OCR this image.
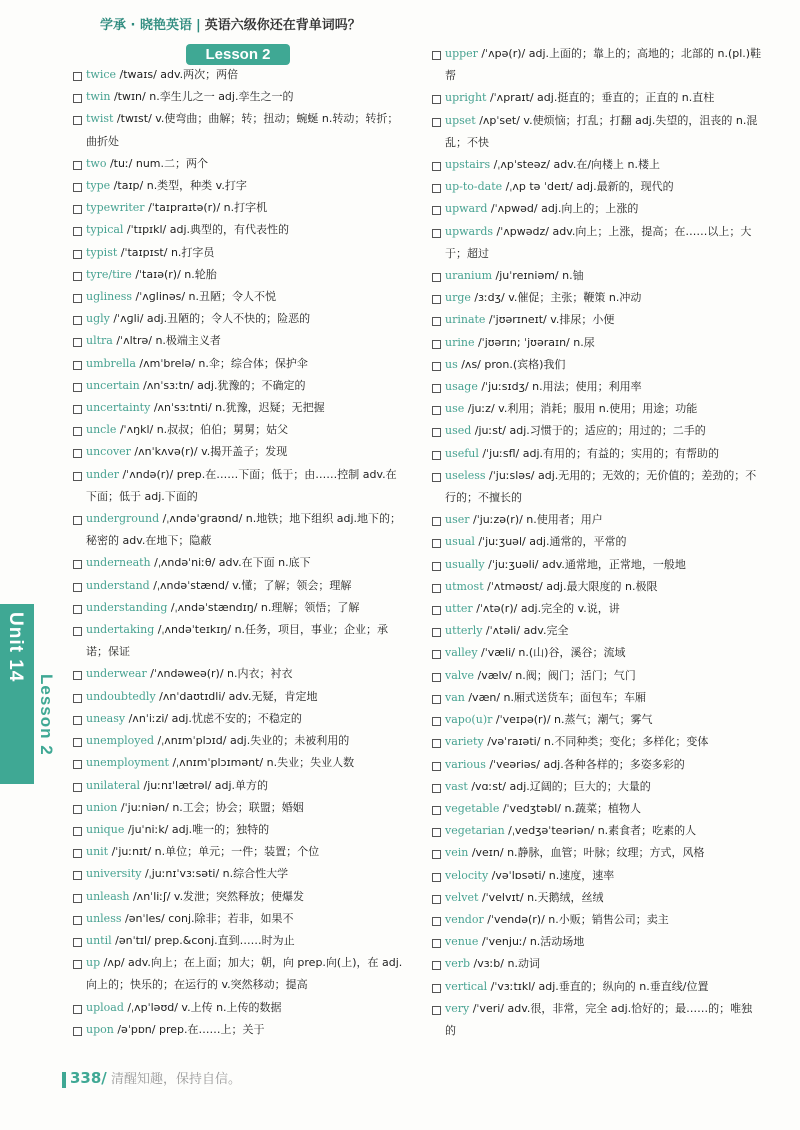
学承 · 晓艳英语 | 英语六级你还在背单词吗？
Lesson 2
twice /twaɪs/ adv.两次；两倍
twin /twɪn/ n.孪生儿之一 adj.孪生之一的
twist /twɪst/ v.使弯曲；曲解；转；扭动；蜿蜒 n.转动；转折；曲折处
two /tuː/ num.二；两个
type /taɪp/ n.类型，种类 v.打字
typewriter /ˈtaɪpraɪtə(r)/ n.打字机
typical /ˈtɪpɪkl/ adj.典型的，有代表性的
typist /ˈtaɪpɪst/ n.打字员
tyre/tire /ˈtaɪə(r)/ n.轮胎
ugliness /ˈʌɡlinəs/ n.丑陋；令人不悦
ugly /ˈʌɡli/ adj.丑陋的；令人不快的；险恶的
ultra /ˈʌltrə/ n.极端主义者
umbrella /ʌmˈbrelə/ n.伞；综合体；保护伞
uncertain /ʌnˈsɜːtn/ adj.犹豫的；不确定的
uncertainty /ʌnˈsɜːtnti/ n.犹豫，迟疑；无把握
uncle /ˈʌŋkl/ n.叔叔；伯伯；舅舅；姑父
uncover /ʌnˈkʌvə(r)/ v.揭开盖子；发现
under /ˈʌndə(r)/ prep.在……下面；低于；由……控制 adv.在下面；低于 adj.下面的
underground /ˌʌndəˈɡraʊnd/ n.地铁；地下组织 adj.地下的；秘密的 adv.在地下；隐蔽
underneath /ˌʌndəˈniːθ/ adv.在下面 n.底下
understand /ˌʌndəˈstænd/ v.懂；了解；领会；理解
understanding /ˌʌndəˈstændɪŋ/ n.理解；领悟；了解
undertaking /ˌʌndəˈteɪkɪŋ/ n.任务，项目，事业；企业；承诺；保证
underwear /ˈʌndəweə(r)/ n.内衣；衬衣
undoubtedly /ʌnˈdaʊtɪdli/ adv.无疑，肯定地
uneasy /ʌnˈiːzi/ adj.忧虑不安的；不稳定的
unemployed /ˌʌnɪmˈplɔɪd/ adj.失业的；未被利用的
unemployment /ˌʌnɪmˈplɔɪmənt/ n.失业；失业人数
unilateral /juːnɪˈlætrəl/ adj.单方的
union /ˈjuːniən/ n.工会；协会；联盟；婚姻
unique /juˈniːk/ adj.唯一的；独特的
unit /ˈjuːnɪt/ n.单位；单元；一件；装置；个位
university /ˌjuːnɪˈvɜːsəti/ n.综合性大学
unleash /ʌnˈliːʃ/ v.发泄；突然释放；使爆发
unless /ənˈles/ conj.除非；若非，如果不
until /ənˈtɪl/ prep.&conj.直到……时为止
up /ʌp/ adv.向上；在上面；加大；朝，向 prep.向(上)，在 adj.向上的；快乐的；在运行的 v.突然移动；提高
upload /ˌʌpˈləʊd/ v.上传 n.上传的数据
upon /əˈpɒn/ prep.在……上；关于
upper /ˈʌpə(r)/ adj.上面的；靠上的；高地的；北部的 n.(pl.)鞋帮
upright /ˈʌpraɪt/ adj.挺直的；垂直的；正直的 n.直柱
upset /ʌpˈset/ v.使烦恼；打乱；打翻 adj.失望的，沮丧的 n.混乱；不快
upstairs /ˌʌpˈsteəz/ adv.在/向楼上 n.楼上
up-to-date /ˌʌp tə ˈdeɪt/ adj.最新的，现代的
upward /ˈʌpwəd/ adj.向上的；上涨的
upwards /ˈʌpwədz/ adv.向上；上涨，提高；在……以上；大于；超过
uranium /juˈreɪniəm/ n.铀
urge /ɜːdʒ/ v.催促；主张；鞭策 n.冲动
urinate /ˈjʊərɪneɪt/ v.排尿；小便
urine /ˈjʊərɪn; ˈjʊəraɪn/ n.尿
us /ʌs/ pron.(宾格)我们
usage /ˈjuːsɪdʒ/ n.用法；使用；利用率
use /juːz/ v.利用；消耗；服用 n.使用；用途；功能
used /juːst/ adj.习惯于的；适应的；用过的；二手的
useful /ˈjuːsfl/ adj.有用的；有益的；实用的；有帮助的
useless /ˈjuːsləs/ adj.无用的；无效的；无价值的；差劲的；不行的；不擅长的
user /ˈjuːzə(r)/ n.使用者；用户
usual /ˈjuːʒuəl/ adj.通常的，平常的
usually /ˈjuːʒuəli/ adv.通常地，正常地，一般地
utmost /ˈʌtməʊst/ adj.最大限度的 n.极限
utter /ˈʌtə(r)/ adj.完全的 v.说，讲
utterly /ˈʌtəli/ adv.完全
valley /ˈvæli/ n.(山)谷，溪谷；流域
valve /vælv/ n.阀；阀门；活门；气门
van /væn/ n.厢式送货车；面包车；车厢
vapo(u)r /ˈveɪpə(r)/ n.蒸气；潮气；雾气
variety /vəˈraɪəti/ n.不同种类；变化；多样化；变体
various /ˈveəriəs/ adj.各种各样的；多姿多彩的
vast /vɑːst/ adj.辽阔的；巨大的；大量的
vegetable /ˈvedʒtəbl/ n.蔬菜；植物人
vegetarian /ˌvedʒəˈteəriən/ n.素食者；吃素的人
vein /veɪn/ n.静脉，血管；叶脉；纹理；方式，风格
velocity /vəˈlɒsəti/ n.速度，速率
velvet /ˈvelvɪt/ n.天鹅绒，丝绒
vendor /ˈvendə(r)/ n.小贩；销售公司；卖主
venue /ˈvenjuː/ n.活动场地
verb /vɜːb/ n.动词
vertical /ˈvɜːtɪkl/ adj.垂直的；纵向的 n.垂直线/位置
very /ˈveri/ adv.很，非常，完全 adj.恰好的；最……的；唯独的
Unit 14
Lesson 2
338/ 清醒知趣，保持自信。
